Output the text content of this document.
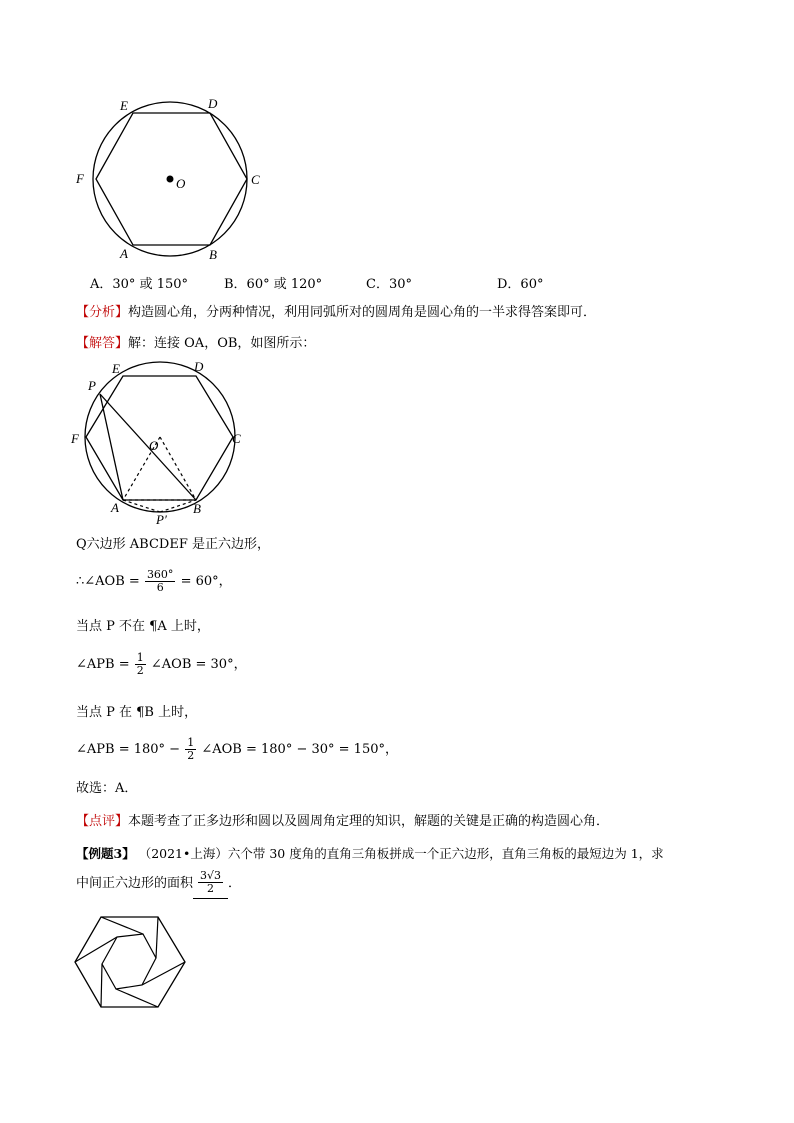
E	D
F	C
A	B
O
A．30° 或 150°	B．60° 或 120°	C．30°	D．60°
【分析】构造圆心角，分两种情况，利用同弧所对的圆周角是圆心角的一半求得答案即可．
【解答】解：连接 OA，OB，如图所示：
P
E	D
F	C
O
A	B
P′
Q六边形 ABCDEF 是正六边形，
∴∠AOB = $\frac{360^\circ}{6} = 60^\circ$，
当点 P 不在 ¶A 上时，
∠APB = $\frac{1}{2}$ ∠AOB = 30°，
当点 P 在 ¶B 上时，
∠APB = $180^\circ - \frac{1}{2}$ ∠AOB = 180° − 30° = 150°，
故选：A．
【点评】本题考查了正多边形和圆以及圆周角定理的知识，解题的关键是正确的构造圆心角．
【例题3】 （2021•上海）六个带 30 度角的直角三角板拼成一个正六边形，直角三角板的最短边为 1，求
中间正六边形的面积 $\frac{3√3}{2}$ ．
